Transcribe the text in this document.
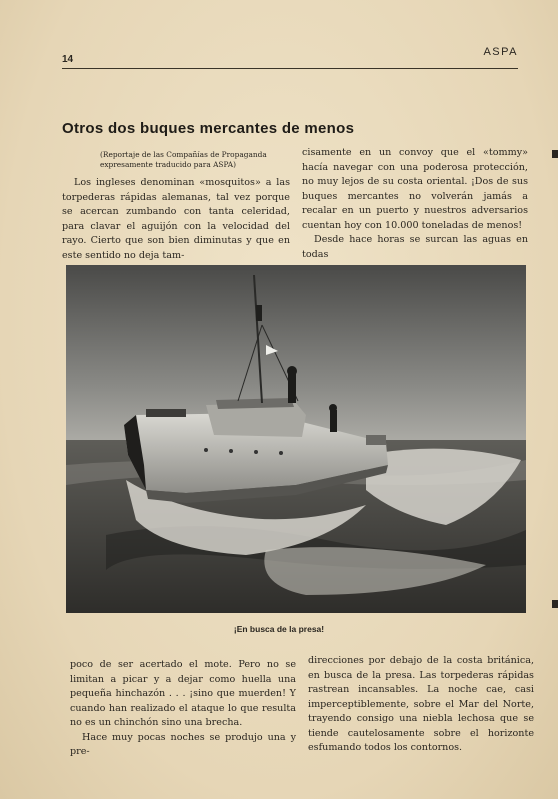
14
ASPA
Otros dos buques mercantes de menos

(Reportaje de las Compañías de Propaganda expresamente traducido para ASPA)

Los ingleses denominan «mosquitos» a las torpederas rápidas alemanas, tal vez porque se acercan zumbando con tanta celeridad, para clavar el aguijón con la velocidad del rayo. Cierto que son bien diminutas y que en este sentido no deja tam-

cisamente en un convoy que el «tommy» hacía navegar con una poderosa protección, no muy lejos de su costa oriental. ¡Dos de sus buques mercantes no volverán jamás a recalar en un puerto y nuestros adversarios cuentan hoy con 10.000 toneladas de menos!

Desde hace horas se surcan las aguas en todas

¡En busca de la presa!

poco de ser acertado el mote. Pero no se limitan a picar y a dejar como huella una pequeña hinchazón . . . ¡sino que muerden! Y cuando han realizado el ataque lo que resulta no es un chinchón sino una brecha.

Hace muy pocas noches se produjo una y pre-

direcciones por debajo de la costa británica, en busca de la presa. Las torpederas rápidas rastrean incansables. La noche cae, casi imperceptiblemente, sobre el Mar del Norte, trayendo consigo una niebla lechosa que se tiende cautelosamente sobre el horizonte esfumando todos los contornos.
